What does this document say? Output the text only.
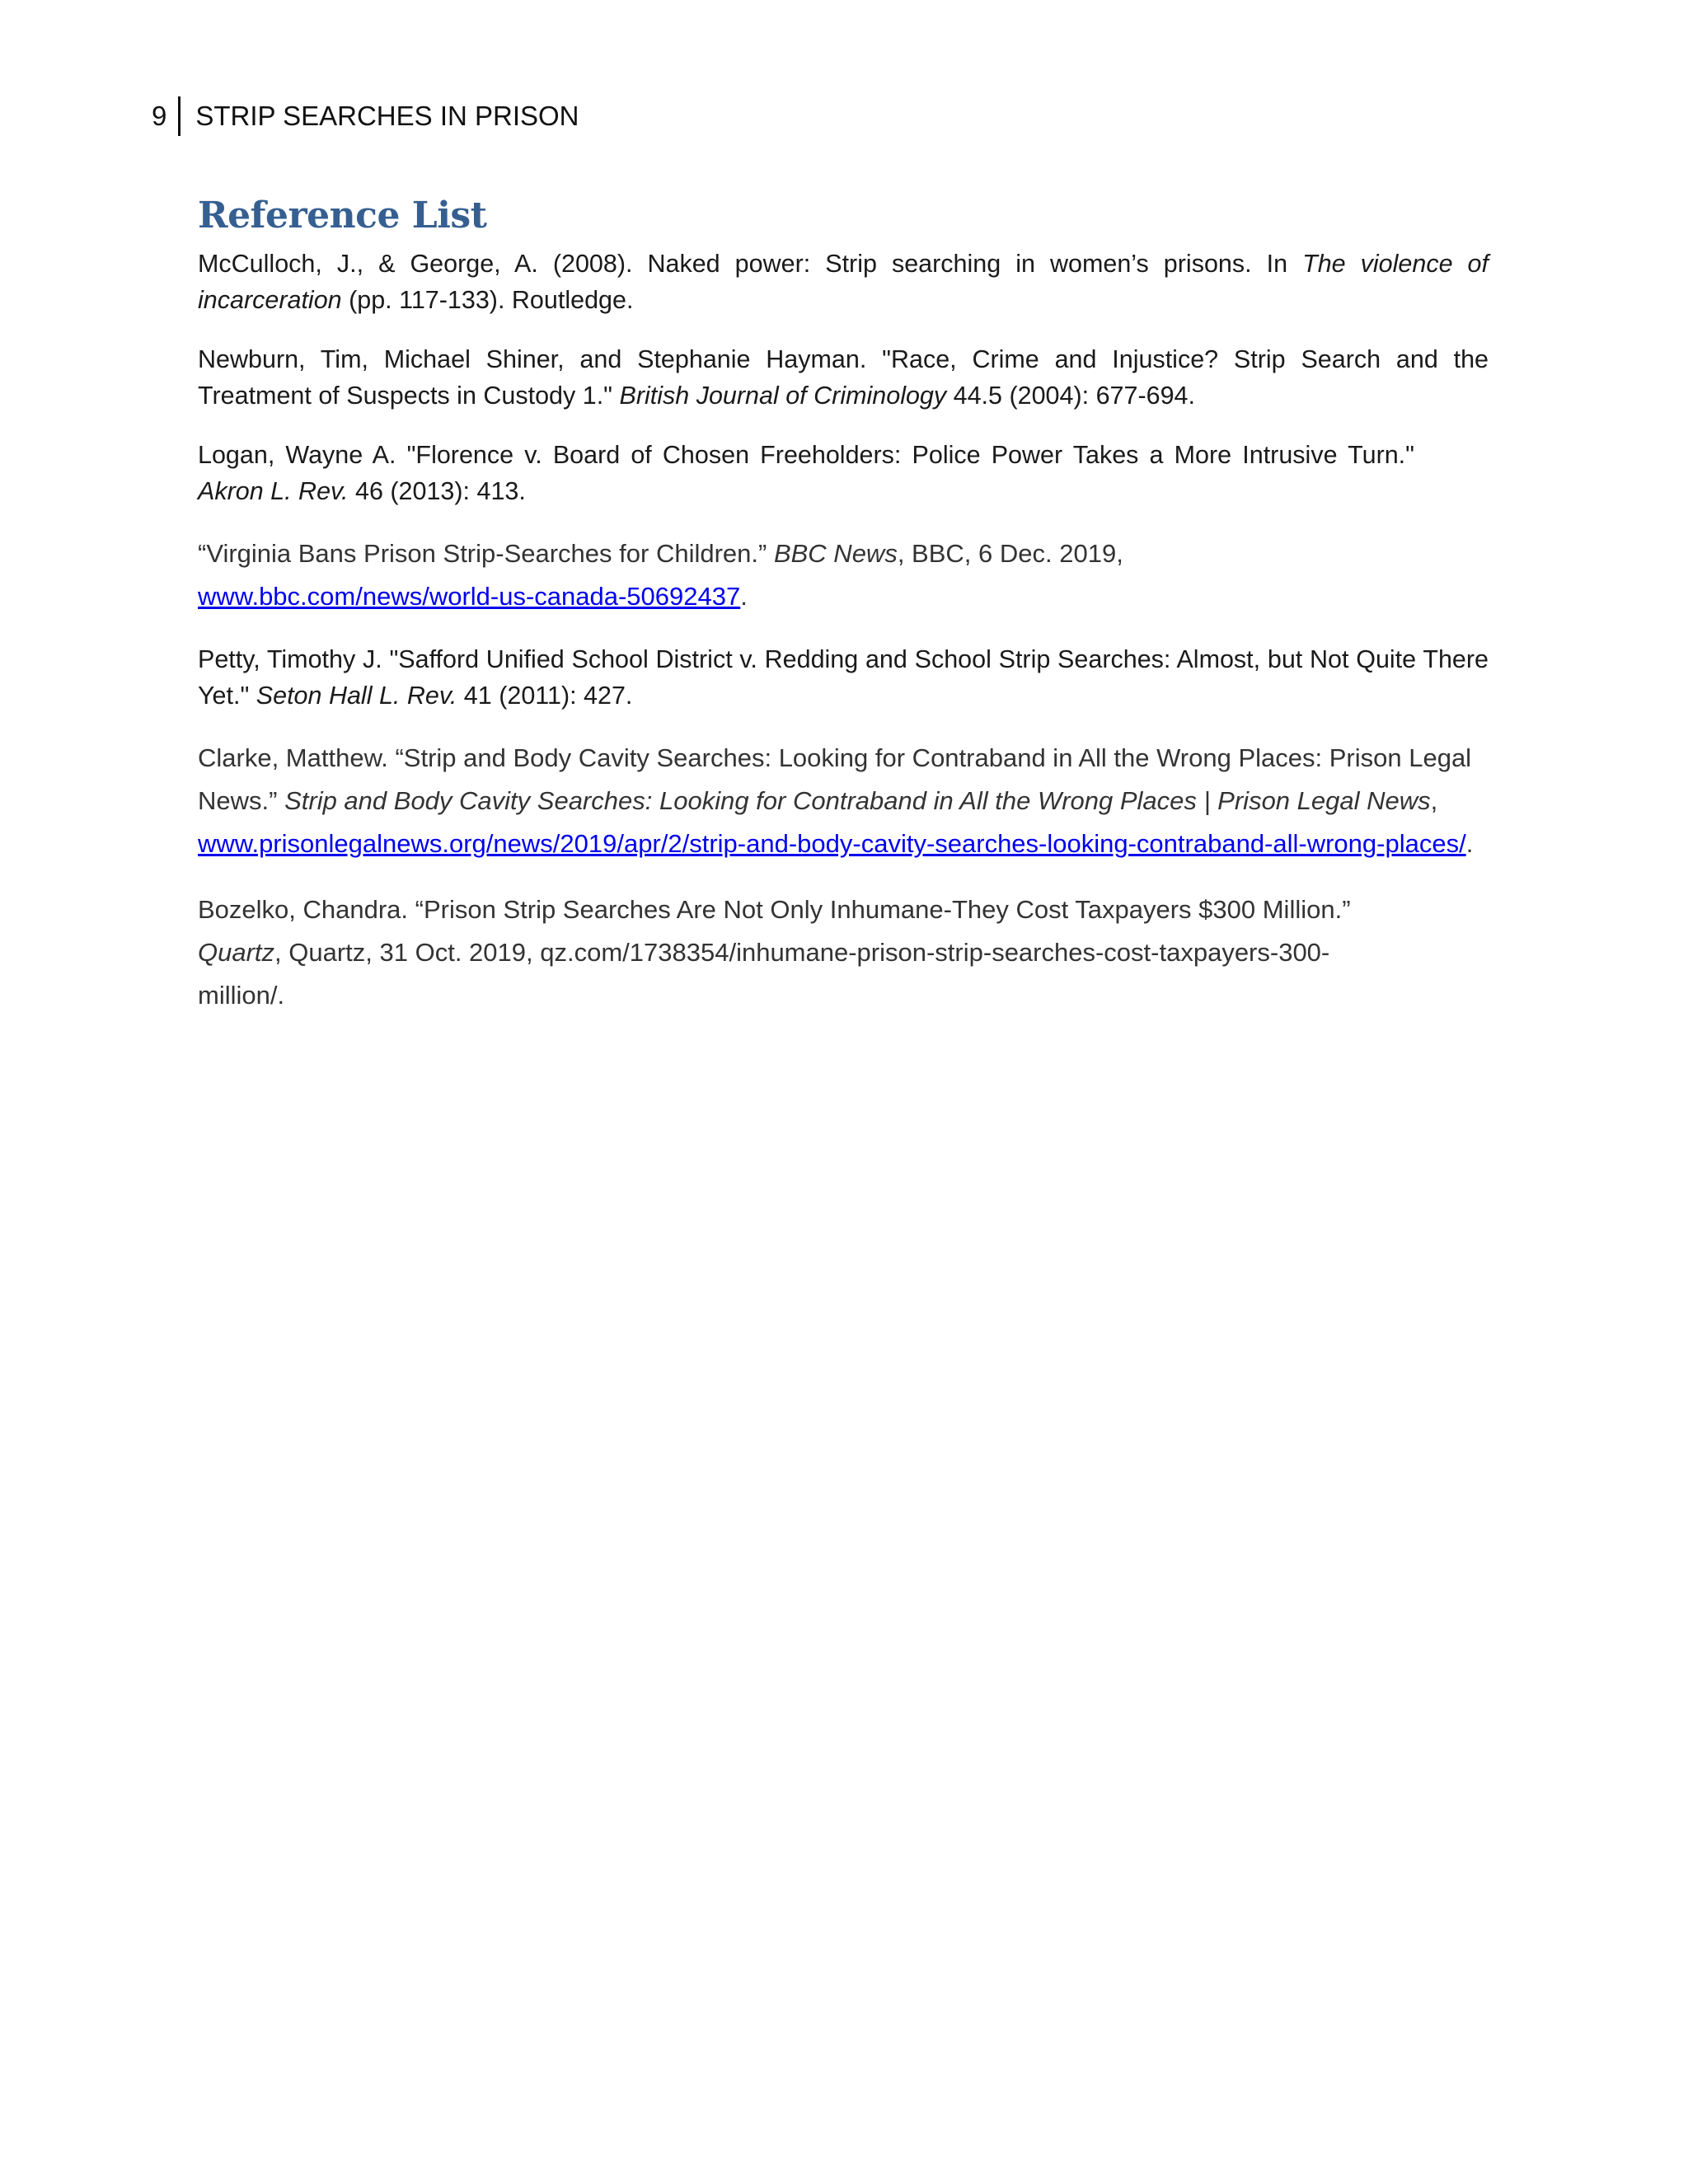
9	STRIP SEARCHES IN PRISON
Reference List

McCulloch, J., & George, A. (2008). Naked power: Strip searching in women’s prisons. In The violence of incarceration (pp. 117-133). Routledge.

Newburn, Tim, Michael Shiner, and Stephanie Hayman. "Race, Crime and Injustice? Strip Search and the Treatment of Suspects in Custody 1." British Journal of Criminology 44.5 (2004): 677-694.

Logan, Wayne A. "Florence v. Board of Chosen Freeholders: Police Power Takes a More Intrusive Turn." Akron L. Rev. 46 (2013): 413.

“Virginia Bans Prison Strip-Searches for Children.” BBC News, BBC, 6 Dec. 2019, www.bbc.com/news/world-us-canada-50692437.

Petty, Timothy J. "Safford Unified School District v. Redding and School Strip Searches: Almost, but Not Quite There Yet." Seton Hall L. Rev. 41 (2011): 427.

Clarke, Matthew. “Strip and Body Cavity Searches: Looking for Contraband in All the Wrong Places: Prison Legal News.” Strip and Body Cavity Searches: Looking for Contraband in All the Wrong Places | Prison Legal News, www.prisonlegalnews.org/news/2019/apr/2/strip-and-body-cavity-searches-looking-contraband-all-wrong-places/.

Bozelko, Chandra. “Prison Strip Searches Are Not Only Inhumane-They Cost Taxpayers $300 Million.” Quartz, Quartz, 31 Oct. 2019, qz.com/1738354/inhumane-prison-strip-searches-cost-taxpayers-300-million/.
